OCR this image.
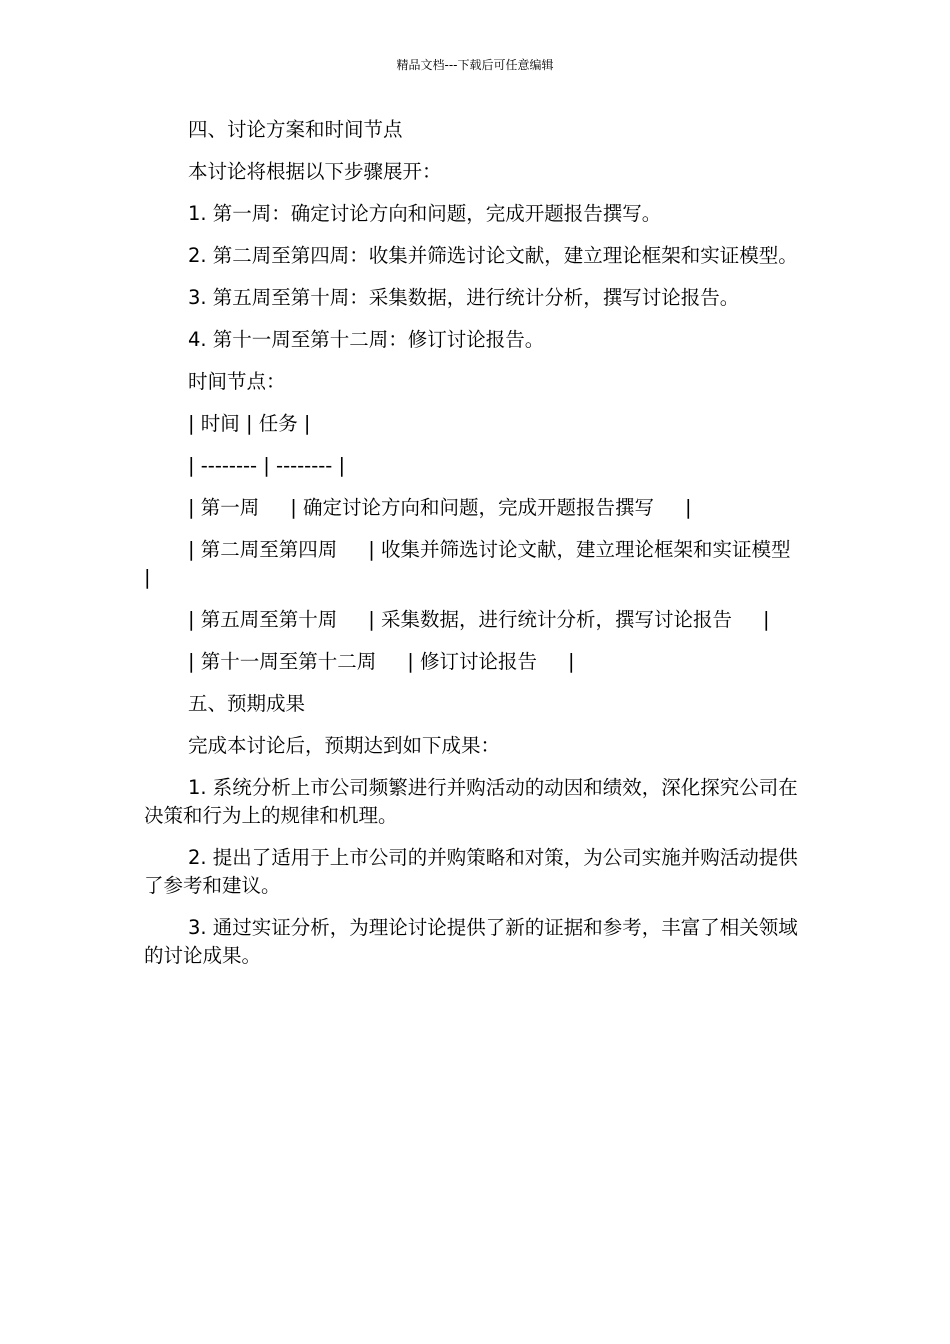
精品文档---下载后可任意编辑

四、讨论方案和时间节点

本讨论将根据以下步骤展开：

1. 第一周：确定讨论方向和问题，完成开题报告撰写。

2. 第二周至第四周：收集并筛选讨论文献，建立理论框架和实证模型。

3. 第五周至第十周：采集数据，进行统计分析，撰写讨论报告。

4. 第十一周至第十二周：修订讨论报告。

时间节点：

| 时间 | 任务 |

| -------- | -------- |

| 第一周     | 确定讨论方向和问题，完成开题报告撰写     |

| 第二周至第四周     | 收集并筛选讨论文献，建立理论框架和实证模型     |

| 第五周至第十周     | 采集数据，进行统计分析，撰写讨论报告     |

| 第十一周至第十二周     | 修订讨论报告     |

五、预期成果

完成本讨论后，预期达到如下成果：

1. 系统分析上市公司频繁进行并购活动的动因和绩效，深化探究公司在决策和行为上的规律和机理。

2. 提出了适用于上市公司的并购策略和对策，为公司实施并购活动提供了参考和建议。

3. 通过实证分析，为理论讨论提供了新的证据和参考，丰富了相关领域的讨论成果。
